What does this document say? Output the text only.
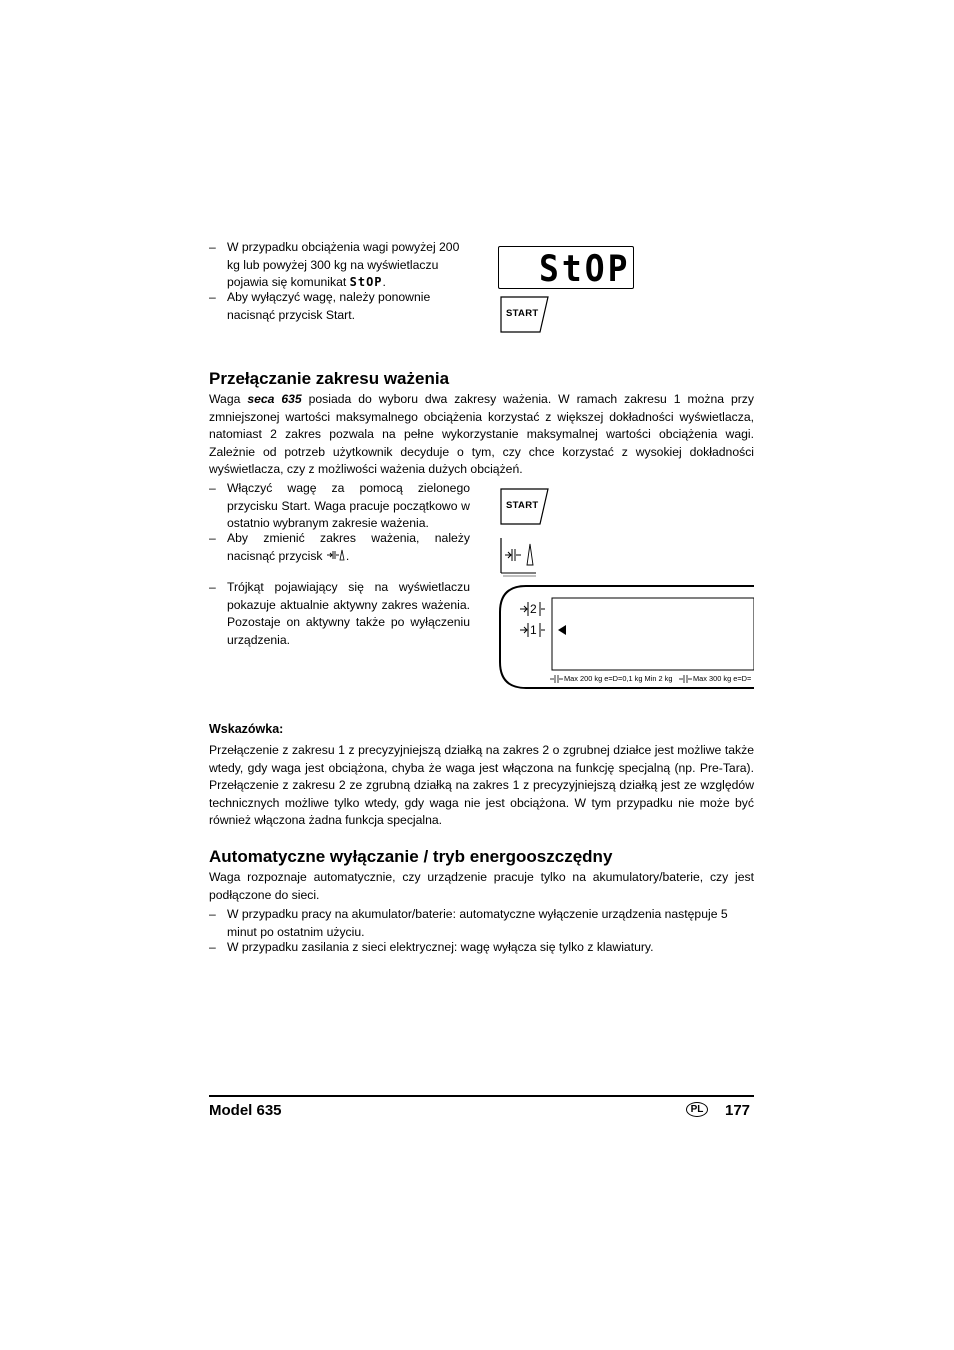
– W przypadku obciążenia wagi powyżej 200 kg lub powyżej 300 kg na wyświetlaczu pojawia się komunikat StOP.
– Aby wyłączyć wagę, należy ponownie nacisnąć przycisk Start.
StOP
START
Przełączanie zakresu ważenia
Waga seca 635 posiada do wyboru dwa zakresy ważenia. W ramach zakresu 1 można przy zmniejszonej wartości maksymalnego obciążenia korzystać z większej dokładności wyświetlacza, natomiast 2 zakres pozwala na pełne wykorzystanie maksymalnej wartości obciążenia wagi. Zależnie od potrzeb użytkownik decyduje o tym, czy chce korzystać z wysokiej dokładności wyświetlacza, czy z możliwości ważenia dużych obciążeń.
– Włączyć wagę za pomocą zielonego przycisku Start. Waga pracuje początkowo w ostatnio wybranym zakresie ważenia.
– Aby zmienić zakres ważenia, należy nacisnąć przycisk .
– Trójkąt pojawiający się na wyświetlaczu pokazuje aktualnie aktywny zakres ważenia. Pozostaje on aktywny także po wyłączeniu urządzenia.
START
2
1
Max 200 kg e=D=0,1 kg Min 2 kg	Max 300 kg e=D=
Wskazówka:
Przełączenie z zakresu 1 z precyzyjniejszą działką na zakres 2 o zgrubnej działce jest możliwe także wtedy, gdy waga jest obciążona, chyba że waga jest włączona na funkcję specjalną (np. Pre-Tara). Przełączenie z zakresu 2 ze zgrubną działką na zakres 1 z precyzyjniejszą działką jest ze względów technicznych możliwe tylko wtedy, gdy waga nie jest obciążona. W tym przypadku nie może być również włączona żadna funkcja specjalna.
Automatyczne wyłączanie / tryb energooszczędny
Waga rozpoznaje automatycznie, czy urządzenie pracuje tylko na akumulatory/baterie, czy jest podłączone do sieci.
– W przypadku pracy na akumulator/baterie: automatyczne wyłączenie urządzenia następuje 5 minut po ostatnim użyciu.
– W przypadku zasilania z sieci elektrycznej: wagę wyłącza się tylko z klawiatury.
Model 635	PL 177
